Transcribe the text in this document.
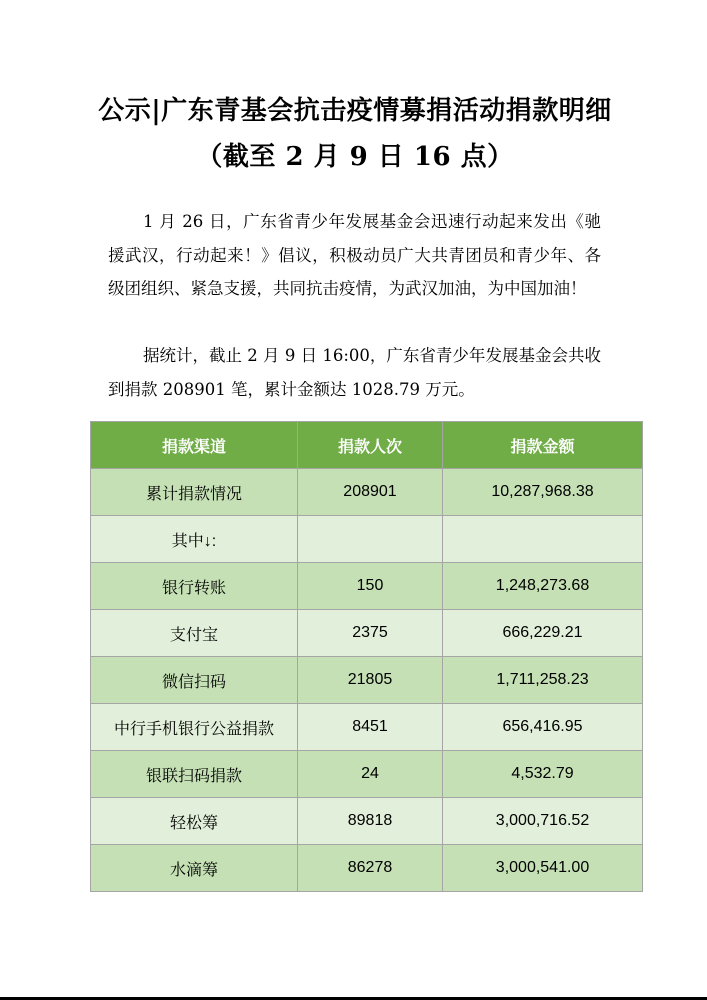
公示|广东青基会抗击疫情募捐活动捐款明细（截至 2 月 9 日 16 点）

1 月 26 日，广东省青少年发展基金会迅速行动起来发出《驰援武汉，行动起来！》倡议，积极动员广大共青团员和青少年、各级团组织、紧急支援，共同抗击疫情，为武汉加油，为中国加油！

据统计，截止 2 月 9 日 16:00，广东省青少年发展基金会共收到捐款 208901 笔，累计金额达 1028.79 万元。

捐款渠道	捐款人次	捐款金额
累计捐款情况	208901	10,287,968.38
其中↓:		
银行转账	150	1,248,273.68
支付宝	2375	666,229.21
微信扫码	21805	1,711,258.23
中行手机银行公益捐款	8451	656,416.95
银联扫码捐款	24	4,532.79
轻松筹	89818	3,000,716.52
水滴筹	86278	3,000,541.00
